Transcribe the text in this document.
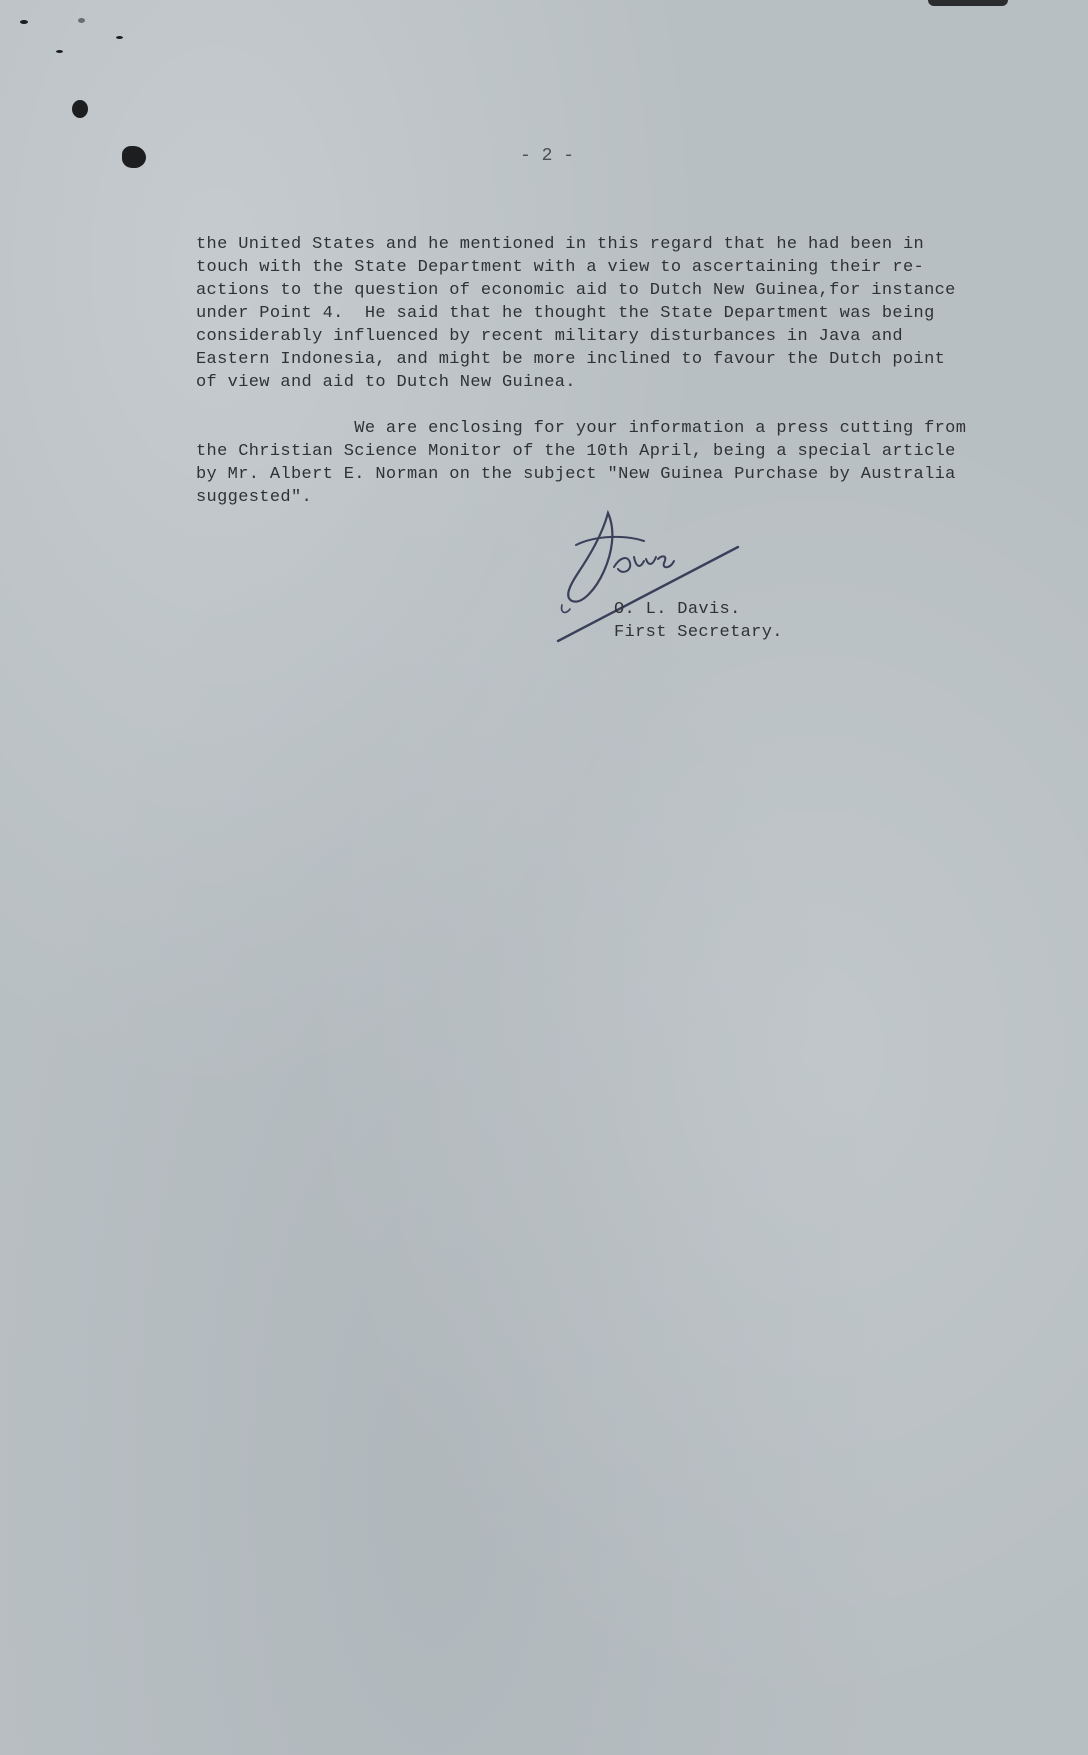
- 2 -
the United States and he mentioned in this regard that he had been in
touch with the State Department with a view to ascertaining their re-
actions to the question of economic aid to Dutch New Guinea,for instance
under Point 4.  He said that he thought the State Department was being
considerably influenced by recent military disturbances in Java and
Eastern Indonesia, and might be more inclined to favour the Dutch point
of view and aid to Dutch New Guinea.
We are enclosing for your information a press cutting from
the Christian Science Monitor of the 10th April, being a special article
by Mr. Albert E. Norman on the subject "New Guinea Purchase by Australia
suggested".
O. L. Davis.
First Secretary.
